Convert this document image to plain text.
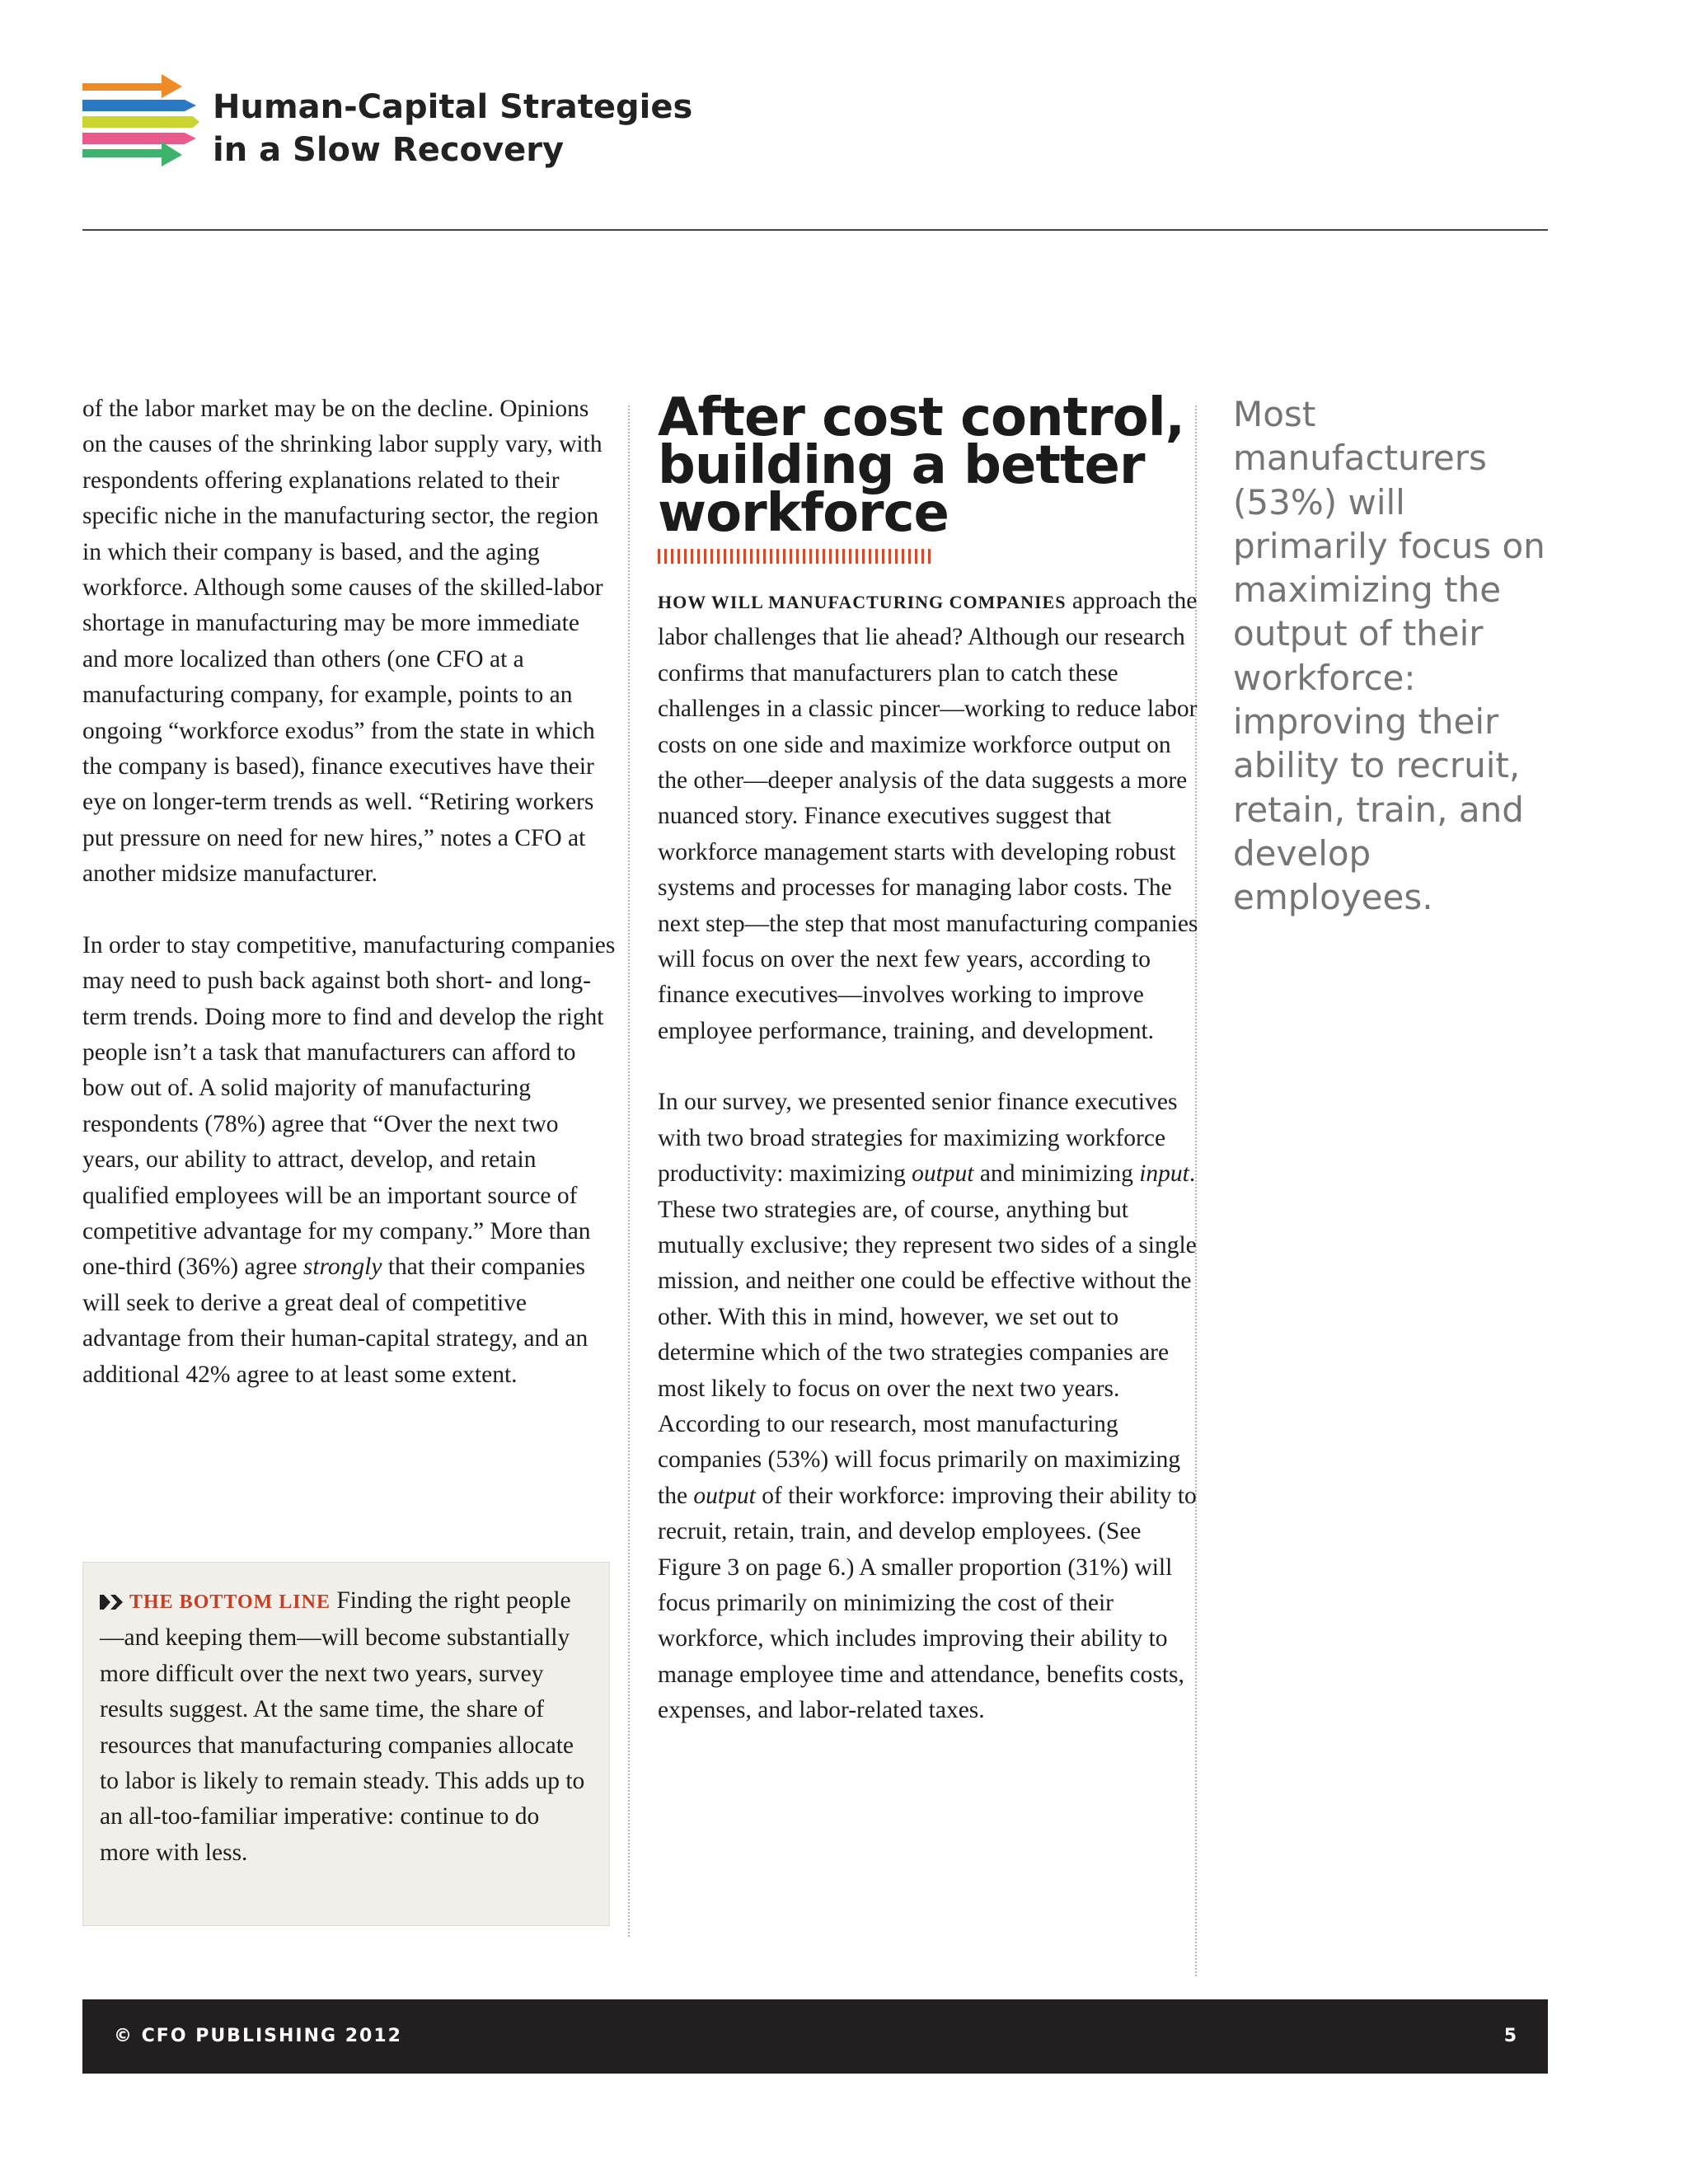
Human-Capital Strategies
in a Slow Recovery

of the labor market may be on the decline. Opinions on the causes of the shrinking labor supply vary, with respondents offering explanations related to their specific niche in the manufacturing sector, the region in which their company is based, and the aging workforce. Although some causes of the skilled-labor shortage in manufacturing may be more immediate and more localized than others (one CFO at a manufacturing company, for example, points to an ongoing “workforce exodus” from the state in which the company is based), finance executives have their eye on longer-term trends as well. “Retiring workers put pressure on need for new hires,” notes a CFO at another midsize manufacturer.

In order to stay competitive, manufacturing companies may need to push back against both short- and long-term trends. Doing more to find and develop the right people isn’t a task that manufacturers can afford to bow out of. A solid majority of manufacturing respondents (78%) agree that “Over the next two years, our ability to attract, develop, and retain qualified employees will be an important source of competitive advantage for my company.” More than one-third (36%) agree strongly that their companies will seek to derive a great deal of competitive advantage from their human-capital strategy, and an additional 42% agree to at least some extent.

THE BOTTOM LINE Finding the right people—and keeping them—will become substantially more difficult over the next two years, survey results suggest. At the same time, the share of resources that manufacturing companies allocate to labor is likely to remain steady. This adds up to an all-too-familiar imperative: continue to do more with less.

After cost control, building a better workforce

HOW WILL MANUFACTURING COMPANIES approach the labor challenges that lie ahead? Although our research confirms that manufacturers plan to catch these challenges in a classic pincer—working to reduce labor costs on one side and maximize workforce output on the other—deeper analysis of the data suggests a more nuanced story. Finance executives suggest that workforce management starts with developing robust systems and processes for managing labor costs. The next step—the step that most manufacturing companies will focus on over the next few years, according to finance executives—involves working to improve employee performance, training, and development.

In our survey, we presented senior finance executives with two broad strategies for maximizing workforce productivity: maximizing output and minimizing input. These two strategies are, of course, anything but mutually exclusive; they represent two sides of a single mission, and neither one could be effective without the other. With this in mind, however, we set out to determine which of the two strategies companies are most likely to focus on over the next two years. According to our research, most manufacturing companies (53%) will focus primarily on maximizing the output of their workforce: improving their ability to recruit, retain, train, and develop employees. (See Figure 3 on page 6.) A smaller proportion (31%) will focus primarily on minimizing the cost of their workforce, which includes improving their ability to manage employee time and attendance, benefits costs, expenses, and labor-related taxes.

Most manufacturers (53%) will primarily focus on maximizing the output of their workforce: improving their ability to recruit, retain, train, and develop employees.
© CFO PUBLISHING 2012	5
